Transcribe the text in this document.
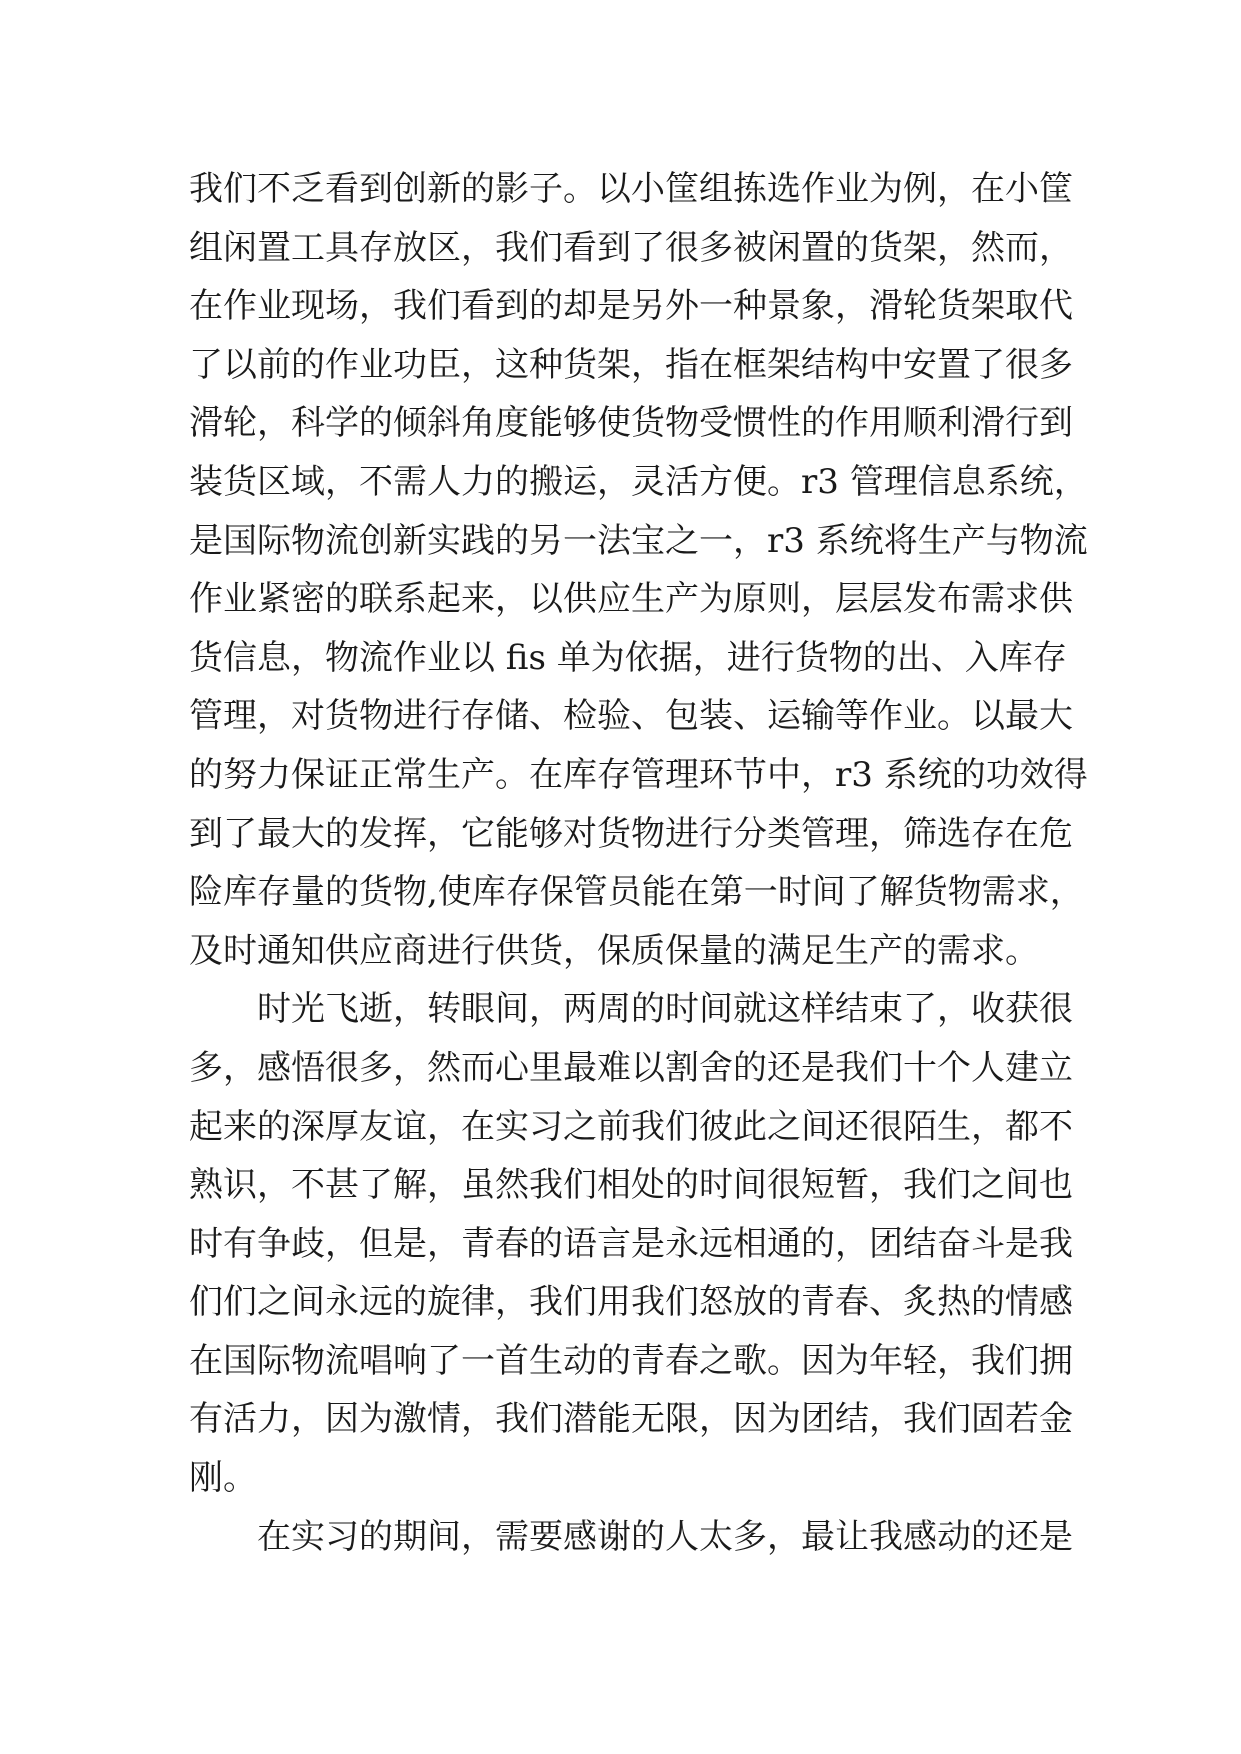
我们不乏看到创新的影子。以小筐组拣选作业为例，在小筐
组闲置工具存放区，我们看到了很多被闲置的货架，然而，
在作业现场，我们看到的却是另外一种景象，滑轮货架取代
了以前的作业功臣，这种货架，指在框架结构中安置了很多
滑轮，科学的倾斜角度能够使货物受惯性的作用顺利滑行到
装货区域，不需人力的搬运，灵活方便。r3 管理信息系统，
是国际物流创新实践的另一法宝之一，r3 系统将生产与物流
作业紧密的联系起来，以供应生产为原则，层层发布需求供
货信息，物流作业以 fis 单为依据，进行货物的出、入库存
管理，对货物进行存储、检验、包装、运输等作业。以最大
的努力保证正常生产。在库存管理环节中，r3 系统的功效得
到了最大的发挥，它能够对货物进行分类管理，筛选存在危
险库存量的货物,使库存保管员能在第一时间了解货物需求，
及时通知供应商进行供货，保质保量的满足生产的需求。
时光飞逝，转眼间，两周的时间就这样结束了，收获很
多，感悟很多，然而心里最难以割舍的还是我们十个人建立
起来的深厚友谊，在实习之前我们彼此之间还很陌生，都不
熟识，不甚了解，虽然我们相处的时间很短暂，我们之间也
时有争歧，但是，青春的语言是永远相通的，团结奋斗是我
们们之间永远的旋律，我们用我们怒放的青春、炙热的情感
在国际物流唱响了一首生动的青春之歌。因为年轻，我们拥
有活力，因为激情，我们潜能无限，因为团结，我们固若金
刚。
在实习的期间，需要感谢的人太多，最让我感动的还是
